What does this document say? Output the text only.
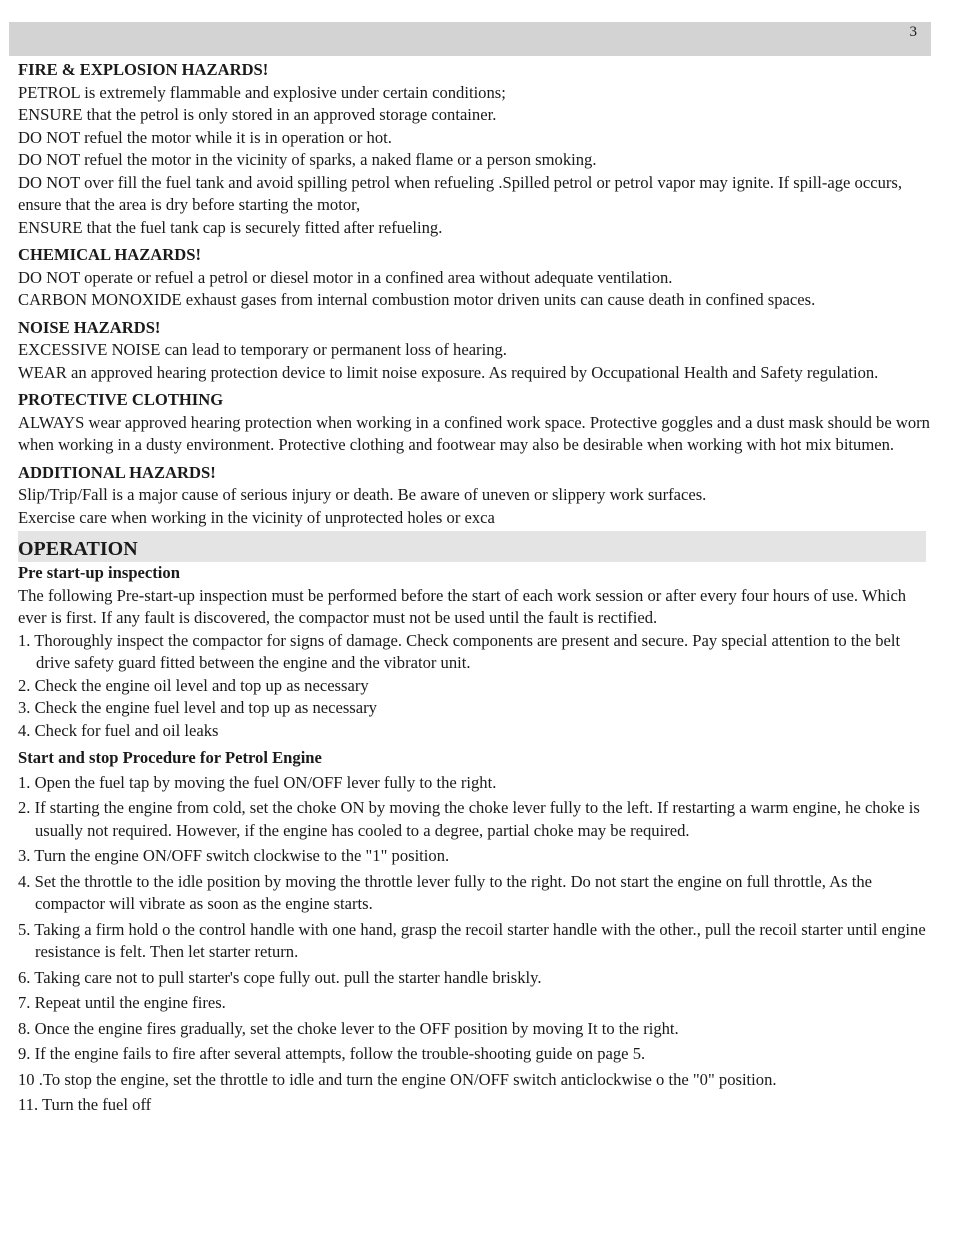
3

FIRE & EXPLOSION HAZARDS!

PETROL is extremely flammable and explosive under certain conditions;

ENSURE that the petrol is only stored in an approved storage container.

DO NOT refuel the motor while it is in operation or hot.

DO NOT refuel the motor in the vicinity of sparks, a naked flame or a person smoking.

DO NOT over fill the fuel tank and avoid spilling petrol when refueling .Spilled petrol or petrol vapor may ignite. If spill-age occurs, ensure that the area is dry before starting the motor,

ENSURE that the fuel tank cap is securely fitted after refueling.

CHEMICAL HAZARDS!

DO NOT operate or refuel a petrol or diesel motor in a confined area without adequate ventilation.

CARBON MONOXIDE exhaust gases from internal combustion motor driven units can cause death in confined spaces.

NOISE HAZARDS!

EXCESSIVE NOISE can lead to temporary or permanent loss of hearing.

WEAR an approved hearing protection device to limit noise exposure. As required by Occupational Health and Safety regulation.

PROTECTIVE CLOTHING

ALWAYS wear approved hearing protection when working in a confined work space. Protective goggles and a dust mask should be worn when working in a dusty environment. Protective clothing and footwear may also be desirable when working with hot mix bitumen.

ADDITIONAL HAZARDS!

Slip/Trip/Fall is a major cause of serious injury or death. Be aware of uneven or slippery work surfaces.

Exercise care when working in the vicinity of unprotected holes or exca

OPERATION

Pre start-up inspection

The following Pre-start-up inspection must be performed before the start of each work session or after every four hours of use. Which ever is first. If any fault is discovered, the compactor must not be used until the fault is rectified.

1. Thoroughly inspect the compactor for signs of damage. Check components are present and secure. Pay special attention to the belt drive safety guard fitted between the engine and the vibrator unit.
2. Check the engine oil level and top up as necessary
3. Check the engine fuel level and top up as necessary
4. Check for fuel and oil leaks

Start and stop Procedure for Petrol Engine

1. Open the fuel tap by moving the fuel ON/OFF lever fully to the right.
2. If starting the engine from cold, set the choke ON by moving the choke lever fully to the left. If restarting a warm engine, he choke is usually not required. However, if the engine has cooled to a degree, partial choke may be required.
3. Turn the engine ON/OFF switch clockwise to the "1" position.
4. Set the throttle to the idle position by moving the throttle lever fully to the right. Do not start the engine on full throttle, As the compactor will vibrate as soon as the engine starts.
5. Taking a firm hold o the control handle with one hand, grasp the recoil starter handle with the other., pull the recoil starter until engine resistance is felt. Then let starter return.
6. Taking care not to pull starter's cope fully out. pull the starter handle briskly.
7. Repeat until the engine fires.
8. Once the engine fires gradually, set the choke lever to the OFF position by moving It to the right.
9. If the engine fails to fire after several attempts, follow the trouble-shooting guide on page 5.
10 .To stop the engine, set the throttle to idle and turn the engine ON/OFF switch anticlockwise o the "0" position.
11. Turn the fuel off
